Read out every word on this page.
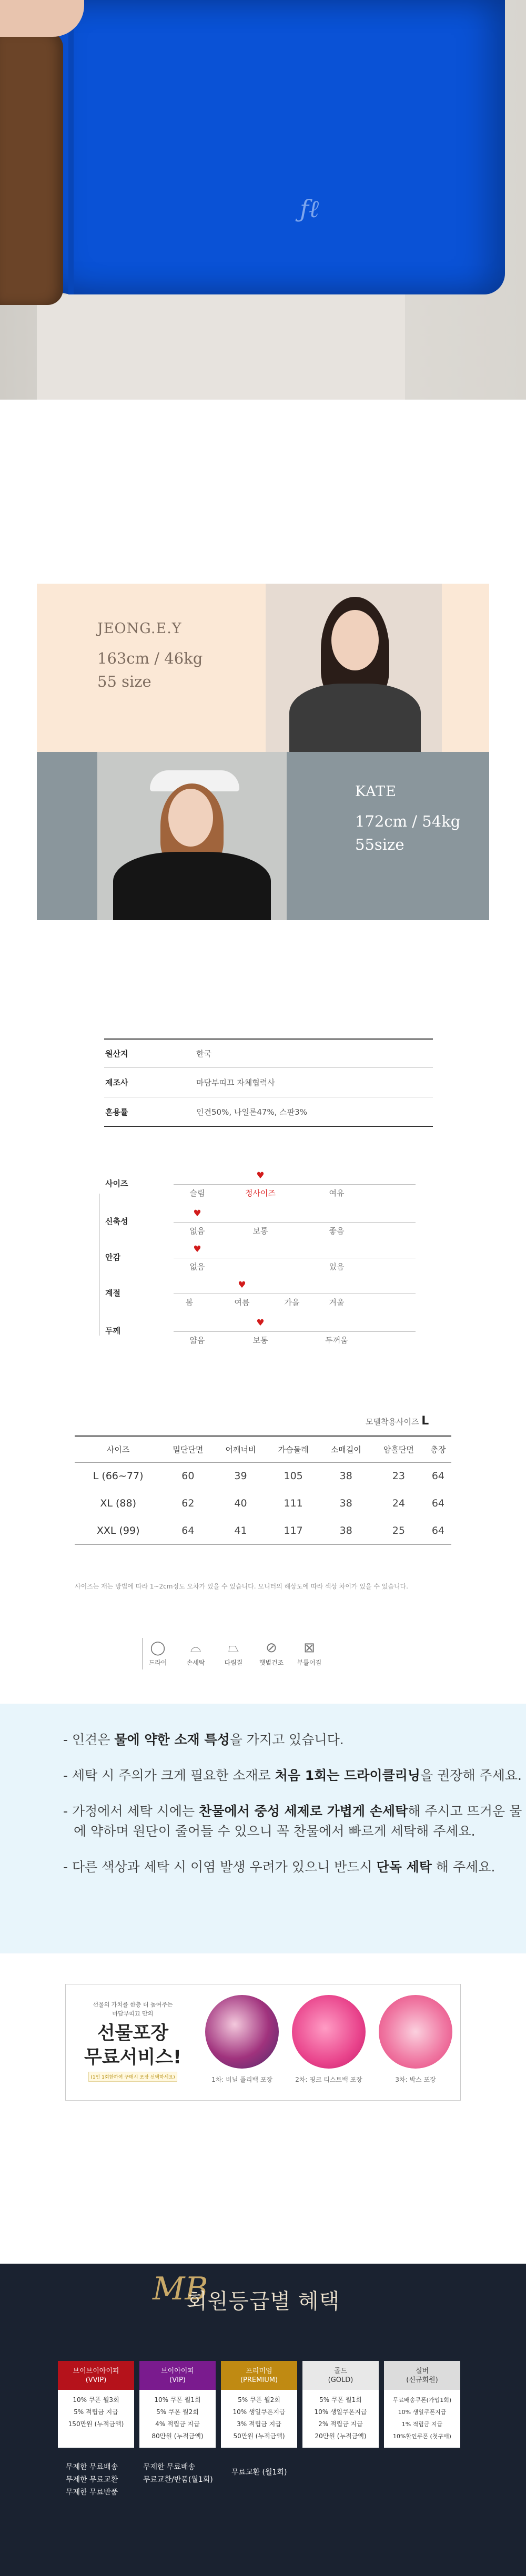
ƒℓ
JEONG.E.Y
163cm / 46kg
55 size
KATE
172cm / 54kg
55size
원산지	한국
제조사	마담부띠끄 자체협력사
혼용률	인견50%, 나일론47%, 스판3%
사이즈
♥
슬림	정사이즈	여유
신축성
♥
없음	보통	좋음
안감
♥
없음	있음
계절
♥
봄	여름	가을	겨울
두께
♥
얇음	보통	두꺼움
모델착용사이즈 L
사이즈	밑단단면	어깨너비	가슴둘레	소매길이	암홀단면	총장
L (66~77)	60	39	105	38	23	64
XL (88)	62	40	111	38	24	64
XXL (99)	64	41	117	38	25	64
사이즈는 재는 방법에 따라 1~2cm정도 오차가 있을 수 있습니다. 모니터의 해상도에 따라 색상 차이가 있을 수 있습니다.
◯
드라이
⌓
손세탁
⏢
다림질
⊘
햇볕건조
⊠
부틀어짐
- 인견은 물에 약한 소재 특성을 가지고 있습니다.
- 세탁 시 주의가 크게 필요한 소재로 처음 1회는 드라이클리닝을 권장해 주세요.
- 가정에서 세탁 시에는 찬물에서 중성 세제로 가볍게 손세탁해 주시고 뜨거운 물에 약하며 원단이 줄어들 수 있으니 꼭 찬물에서 빠르게 세탁해 주세요.
- 다른 색상과 세탁 시 이염 발생 우려가 있으니 반드시 단독 세탁 해 주세요.
선물의 가치를 한층 더 높여주는
마담부띠끄 만의
선물포장
무료서비스!
(1인 1회한하여 구매시 포장 선택하세요)	1차: 비닐 플리백 포장	2차: 핑크 티스트백 포장	3차: 박스 포장
MB
회원등급별 혜택
브이브이아이피
(VVIP)
10% 쿠폰 월3회
5% 적립금 지급
150만원 (누적금액)
브이아이피
(VIP)
10% 쿠폰 월1회
5% 쿠폰 월2회
4% 적립금 지급
80만원 (누적금액)
프리미엄
(PREMIUM)
5% 쿠폰 월2회
10% 생일쿠폰지급
3% 적립금 지급
50만원 (누적금액)
골드
(GOLD)
5% 쿠폰 월1회
10% 생일쿠폰지급
2% 적립금 지급
20만원 (누적금액)
실버
(신규회원)
무료배송쿠폰(가입1회)
10% 생일쿠폰지급
1% 적립금 지급
10%할인쿠폰 (첫구매)
무제한 무료배송
무제한 무료교환
무제한 무료반품
무제한 무료배송
무료교환/반품(월1회)
무료교환 (월1회)
